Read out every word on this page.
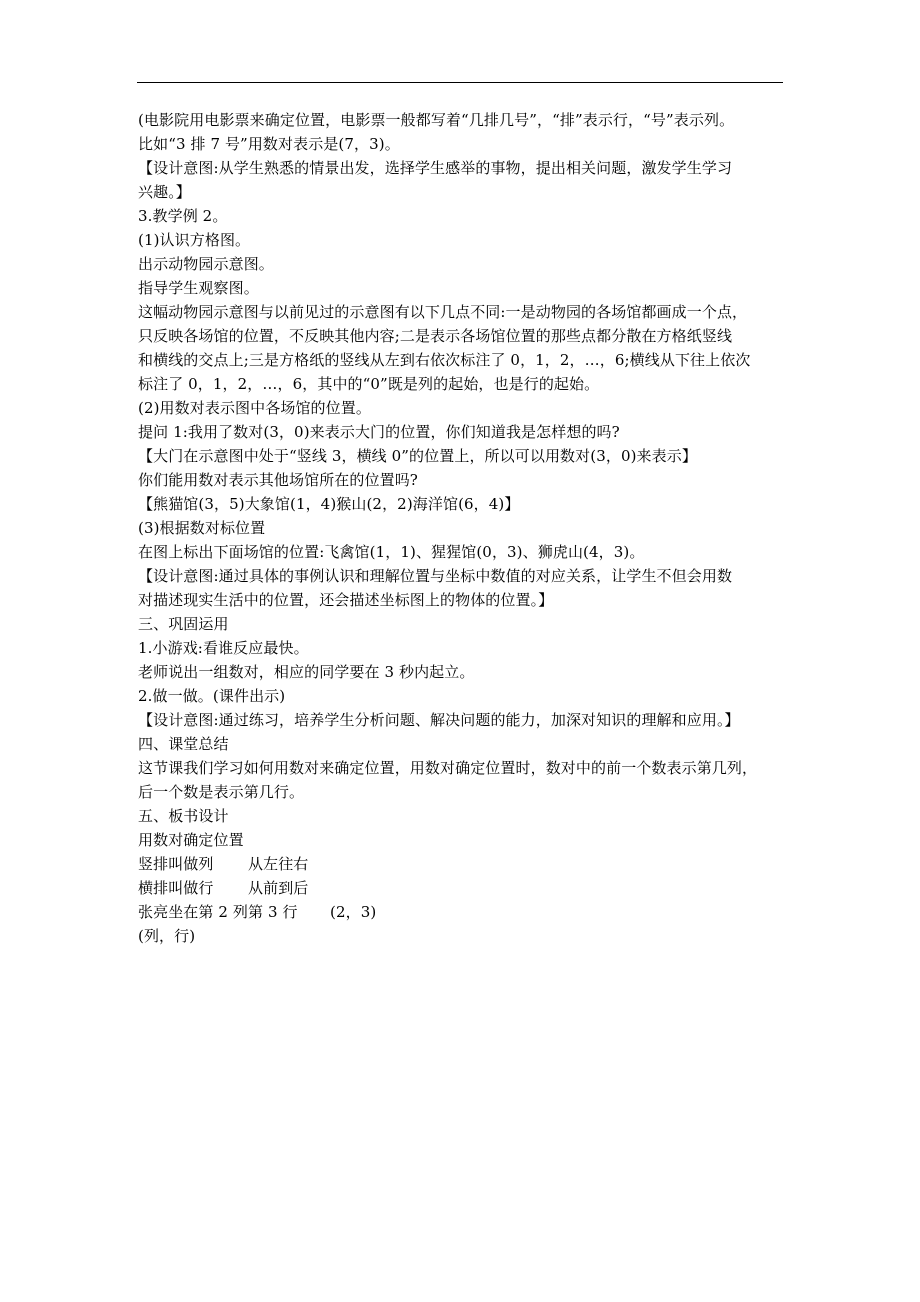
(电影院用电影票来确定位置，电影票一般都写着“几排几号”，“排”表示行，“号”表示列。
比如“3 排 7 号”用数对表示是(7，3)。
【设计意图:从学生熟悉的情景出发，选择学生感举的事物，提出相关问题，激发学生学习
兴趣。】
3.教学例 2。
(1)认识方格图。
出示动物园示意图。
指导学生观察图。
这幅动物园示意图与以前见过的示意图有以下几点不同:一是动物园的各场馆都画成一个点，
只反映各场馆的位置，不反映其他内容;二是表示各场馆位置的那些点都分散在方格纸竖线
和横线的交点上;三是方格纸的竖线从左到右依次标注了 0，1，2，…，6;横线从下往上依次
标注了 0，1，2，…，6，其中的“0”既是列的起始，也是行的起始。
(2)用数对表示图中各场馆的位置。
提问 1:我用了数对(3，0)来表示大门的位置，你们知道我是怎样想的吗?
【大门在示意图中处于“竖线 3，横线 0”的位置上，所以可以用数对(3，0)来表示】
你们能用数对表示其他场馆所在的位置吗?
【熊猫馆(3，5)大象馆(1，4)猴山(2，2)海洋馆(6，4)】
(3)根据数对标位置
在图上标出下面场馆的位置:飞禽馆(1，1)、猩猩馆(0，3)、狮虎山(4，3)。
【设计意图:通过具体的事例认识和理解位置与坐标中数值的对应关系，让学生不但会用数
对描述现实生活中的位置，还会描述坐标图上的物体的位置。】
三、巩固运用
1.小游戏:看谁反应最快。
老师说出一组数对，相应的同学要在 3 秒内起立。
2.做一做。(课件出示)
【设计意图:通过练习，培养学生分析问题、解决问题的能力，加深对知识的理解和应用。】
四、课堂总结
这节课我们学习如何用数对来确定位置，用数对确定位置时，数对中的前一个数表示第几列，
后一个数是表示第几行。
五、板书设计
用数对确定位置
竖排叫做列 从左往右
横排叫做行 从前到后
张亮坐在第 2 列第 3 行 (2，3)
(列，行)
